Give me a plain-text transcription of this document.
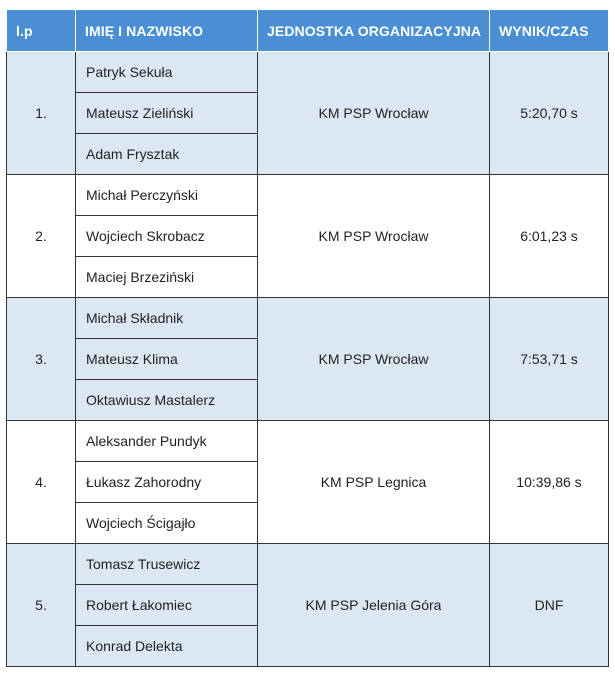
l.p	IMIĘ I NAZWISKO	JEDNOSTKA ORGANIZACYJNA	WYNIK/CZAS
1.	Patryk Sekuła	KM PSP Wrocław	5:20,70 s
	Mateusz Zieliński		
	Adam Frysztak		
2.	Michał Perczyński	KM PSP Wrocław	6:01,23 s
	Wojciech Skrobacz		
	Maciej Brzeziński		
3.	Michał Składnik	KM PSP Wrocław	7:53,71 s
	Mateusz Klima		
	Oktawiusz Mastalerz		
4.	Aleksander Pundyk	KM PSP Legnica	10:39,86 s
	Łukasz Zahorodny		
	Wojciech Ścigajło		
5.	Tomasz Trusewicz	KM PSP Jelenia Góra	DNF
	Robert Łakomiec		
	Konrad Delekta		
